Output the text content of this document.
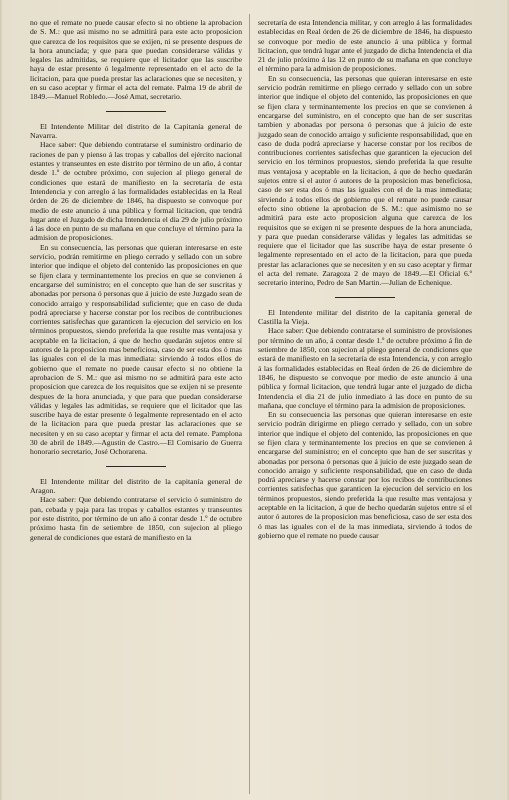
no que el remate no puede causar efecto si no obtiene la aprobacion de S. M.: que asi mismo no se admitirá para este acto proposicion que carezca de los requisitos que se exijen, ni se presente despues de la hora anunciada; y que para que puedan considerarse válidas y legales las admitidas, se requiere que el licitador que las suscribe haya de estar presente ó legalmente representado en el acto de la licitacion, para que pueda prestar las aclaraciones que se necesiten, y en su caso aceptar y firmar el acta del remate. Palma 19 de abril de 1849.—Manuel Robledo.—José Amat, secretario.

El Intendente Militar del distrito de la Capitanía general de Navarra.

Hace saber: Que debiendo contratarse el suministro ordinario de raciones de pan y pienso á las tropas y caballos del ejército nacional estantes y transeuntes en este distrito por término de un año, á contar desde 1.º de octubre próximo, con sujecion al pliego general de condiciones que estará de manifiesto en la secretaría de esta Intendencia y con arreglo á las formalidades establecidas en la Real órden de 26 de diciembre de 1846, ha dispuesto se convoque por medio de este anuncio á una pública y formal licitacion, que tendrá lugar ante el Juzgado de dicha Intendencia el dia 29 de julio próximo á las doce en punto de su mañana en que concluye el término para la admision de proposiciones.

En su consecuencia, las personas que quieran interesarse en este servicio, podrán remitirme en pliego cerrado y sellado con un sobre interior que indique el objeto del contenido las proposiciones en que se fijen clara y terminantemente los precios en que se convienen á encargarse del suministro; en el concepto que han de ser suscritas y abonadas por persona ó personas que á juicio de este Juzgado sean de conocido arraigo y responsabilidad suficiente; que en caso de duda podrá apreciarse y hacerse constar por los recibos de contribuciones corrientes satisfechas que garanticen la ejecucion del servicio en los términos propuestos, siendo preferida la que resulte mas ventajosa y aceptable en la licitacion, á que de hecho quedarán sujetos entre sí autores de la proposicion mas beneficiosa, caso de ser esta dos ó mas las iguales con el de la mas inmediata: sirviendo á todos ellos de gobierno que el remate no puede causar efecto si no obtiene la aprobacion de S. M.: que asi mismo no se admitirá para este acto proposicion que carezca de los requisitos que se exijen ni se presente despues de la hora anunciada, y que para que puedan considerarse válidas y legales las admitidas, se requiere que el licitador que las suscribe haya de estar presente ó legalmente representado en el acto de la licitacion para que pueda prestar las aclaraciones que se necesiten y en su caso aceptar y firmar el acta del remate. Pamplona 30 de abril de 1849.—Agustin de Castro.—El Comisario de Guerra honorario secretario, José Ochorarena.

El Intendente militar del distrito de la capitanía general de Aragon.

Hace saber: Que debiendo contratarse el servicio ó suministro de pan, cebada y paja para las tropas y caballos estantes y transeuntes por este distrito, por término de un año á contar desde 1.º de octubre próximo hasta fin de setiembre de 1850, con sujecion al pliego general de condiciones que estará de manifiesto en la

secretaría de esta Intendencia militar, y con arreglo á las formalidades establecidas en Real órden de 26 de diciembre de 1846, ha dispuesto se convoque por medio de este anuncio á una pública y formal licitacion, que tendrá lugar ante el juzgado de dicha Intendencia el dia 21 de julio próximo á las 12 en punto de su mañana en que concluye el término para la admision de proposiciones.

En su consecuencia, las personas que quieran interesarse en este servicio podrán remitirme en pliego cerrado y sellado con un sobre interior que indique el objeto del contenido, las proposiciones en que se fijen clara y terminantemente los precios en que se convienen á encargarse del suministro, en el concepto que han de ser suscritas tambien y abonadas por persona ó personas que á juicio de este juzgado sean de conocido arraigo y suficiente responsabilidad, que en caso de duda podrá apreciarse y hacerse constar por los recibos de contribuciones corrientes satisfechas que garanticen la ejecucion del servicio en los términos propuestos, siendo preferida la que resulte mas ventajosa y aceptable en la licitacion, á que de hecho quedarán sujetos entre sí el autor ó autores de la proposicion mas beneficiosa, caso de ser esta dos ó mas las iguales con el de la mas inmediata; sirviendo á todos ellos de gobierno que el remate no puede causar efecto sino obtiene la aprobacion de S. M.: que asimismo no se admitirá para este acto proposicion alguna que carezca de los requisitos que se exigen ni se presente despues de la hora anunciada, y para que puedan considerarse válidas y legales las admitidas se requiere que el licitador que las suscribe haya de estar presente ó legalmente representado en el acto de la licitacion, para que pueda prestar las aclaraciones que se necesiten y en su caso aceptar y firmar el acta del remate. Zaragoza 2 de mayo de 1849.—El Oficial 6.º secretario interino, Pedro de San Martin.—Julian de Echenique.

El Intendente militar del distrito de la capitanía general de Castilla la Vieja.

Hace saber: Que debiendo contratarse el suministro de provisiones por término de un año, á contar desde 1.º de octubre próximo á fin de setiembre de 1850, con sujecion al pliego general de condiciones que estará de manifiesto en la secretaría de esta Intendencia, y con arreglo á las formalidades establecidas en Real órden de 26 de diciembre de 1846, he dispuesto se convoque por medio de este anuncio á una pública y formal licitacion, que tendrá lugar ante el juzgado de dicha Intendencia el dia 21 de julio inmediato á las doce en punto de su mañana, que concluye el término para la admision de proposiciones.

En su consecuencia las personas que quieran interesarse en este servicio podrán dirigirme en pliego cerrado y sellado, con un sobre interior que indique el objeto del contenido, las proposiciones en que se fijen clara y terminantemente los precios en que se convienen á encargarse del suministro; en el concepto que han de ser suscritas y abonadas por persona ó personas que á juicio de este juzgado sean de conocido arraigo y suficiente responsabilidad, que en caso de duda podrá apreciarse y hacerse constar por los recibos de contribuciones corrientes satisfechas que garanticen la ejecucion del servicio en los términos propuestos, siendo preferida la que resulte mas ventajosa y aceptable en la licitacion, á que de hecho quedarán sujetos entre sí el autor ó autores de la proposicion mas beneficiosa, caso de ser esta dos ó mas las iguales con el de la mas inmediata, sirviendo á todos de gobierno que el remate no puede causar
